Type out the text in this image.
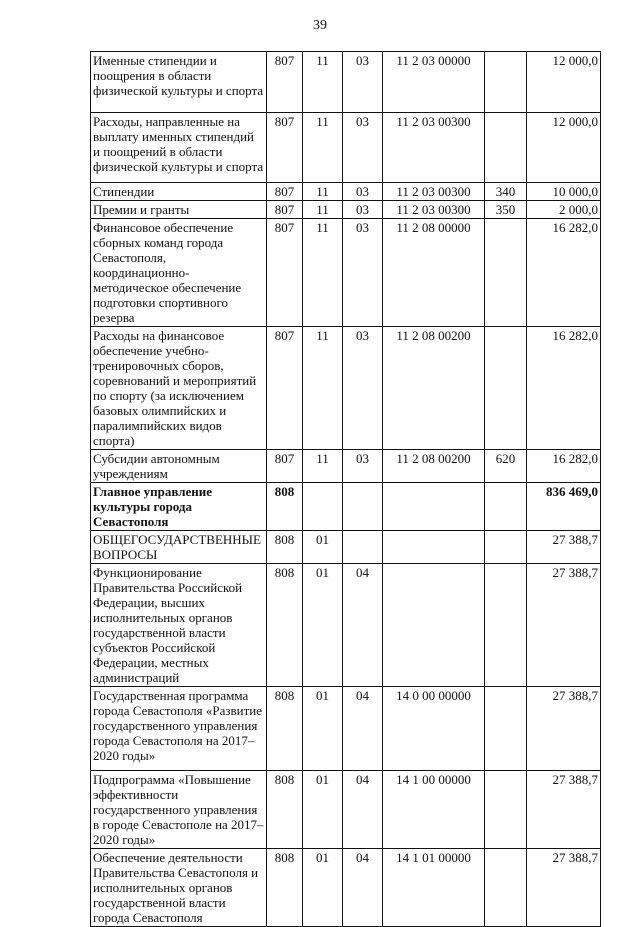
39
Именные стипендии и поощрения в области физической культуры и спорта	807	11	03	11 2 03 00000		12 000,0
Расходы, направленные на выплату именных стипендий и поощрений в области физической культуры и спорта	807	11	03	11 2 03 00300		12 000,0
Стипендии	807	11	03	11 2 03 00300	340	10 000,0
Премии и гранты	807	11	03	11 2 03 00300	350	2 000,0
Финансовое обеспечение сборных команд города Севастополя, координационно-методическое обеспечение подготовки спортивного резерва	807	11	03	11 2 08 00000		16 282,0
Расходы на финансовое обеспечение учебно-тренировочных сборов, соревнований и мероприятий по спорту (за исключением базовых олимпийских и паралимпийских видов спорта)	807	11	03	11 2 08 00200		16 282,0
Субсидии автономным учреждениям	807	11	03	11 2 08 00200	620	16 282,0
Главное управление культуры города Севастополя	808					836 469,0
ОБЩЕГОСУДАРСТВЕННЫЕ ВОПРОСЫ	808	01				27 388,7
Функционирование Правительства Российской Федерации, высших исполнительных органов государственной власти субъектов Российской Федерации, местных администраций	808	01	04			27 388,7
Государственная программа города Севастополя «Развитие государственного управления города Севастополя на 2017–2020 годы»	808	01	04	14 0 00 00000		27 388,7
Подпрограмма «Повышение эффективности государственного управления в городе Севастополе на 2017–2020 годы»	808	01	04	14 1 00 00000		27 388,7
Обеспечение деятельности Правительства Севастополя и исполнительных органов государственной власти города Севастополя	808	01	04	14 1 01 00000		27 388,7
